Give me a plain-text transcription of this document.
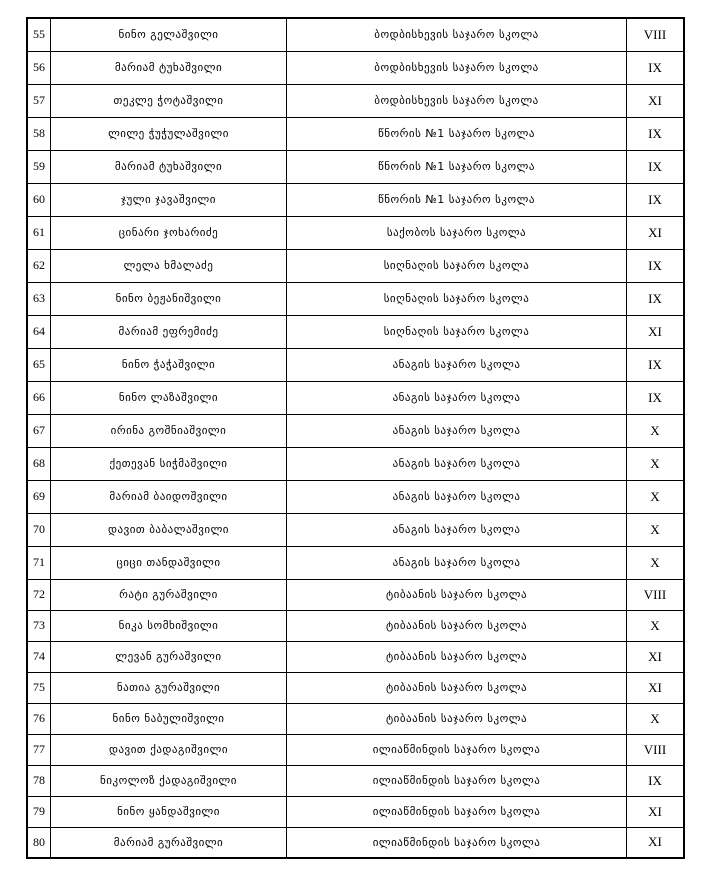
55	ნინო გელაშვილი	ბოდბისხევის საჯარო სკოლა	VIII
56	მარიამ ტუხაშვილი	ბოდბისხევის საჯარო სკოლა	IX
57	თეკლე ჭოტაშვილი	ბოდბისხევის საჯარო სკოლა	XI
58	ლილე ჭუჭულაშვილი	წნორის №1 საჯარო სკოლა	IX
59	მარიამ ტუხაშვილი	წნორის №1 საჯარო სკოლა	IX
60	ჯული ჯავაშვილი	წნორის №1 საჯარო სკოლა	IX
61	ცინარი ჯოხარიძე	საქობოს საჯარო სკოლა	XI
62	ლელა ხმალაძე	სიღნაღის საჯარო სკოლა	IX
63	ნინო ბეჟანიშვილი	სიღნაღის საჯარო სკოლა	IX
64	მარიამ ეფრემიძე	სიღნაღის საჯარო სკოლა	XI
65	ნინო ჭაჭაშვილი	ანაგის საჯარო სკოლა	IX
66	ნინო ლაზაშვილი	ანაგის საჯარო სკოლა	IX
67	ირინა გოშნიაშვილი	ანაგის საჯარო სკოლა	X
68	ქეთევან სიჭმაშვილი	ანაგის საჯარო სკოლა	X
69	მარიამ ბაიდოშვილი	ანაგის საჯარო სკოლა	X
70	დავით ბაბალაშვილი	ანაგის საჯარო სკოლა	X
71	ციცი თანდაშვილი	ანაგის საჯარო სკოლა	X
72	რატი გურაშვილი	ტიბაანის საჯარო სკოლა	VIII
73	ნიკა სომხიშვილი	ტიბაანის საჯარო სკოლა	X
74	ლევან გურაშვილი	ტიბაანის საჯარო სკოლა	XI
75	ნათია გურაშვილი	ტიბაანის საჯარო სკოლა	XI
76	ნინო ნაბულიშვილი	ტიბაანის საჯარო სკოლა	X
77	დავით ქადაგიშვილი	ილიაწმინდის საჯარო სკოლა	VIII
78	ნიკოლოზ ქადაგიშვილი	ილიაწმინდის საჯარო სკოლა	IX
79	ნინო ყანდაშვილი	ილიაწმინდის საჯარო სკოლა	XI
80	მარიამ გურაშვილი	ილიაწმინდის საჯარო სკოლა	XI
